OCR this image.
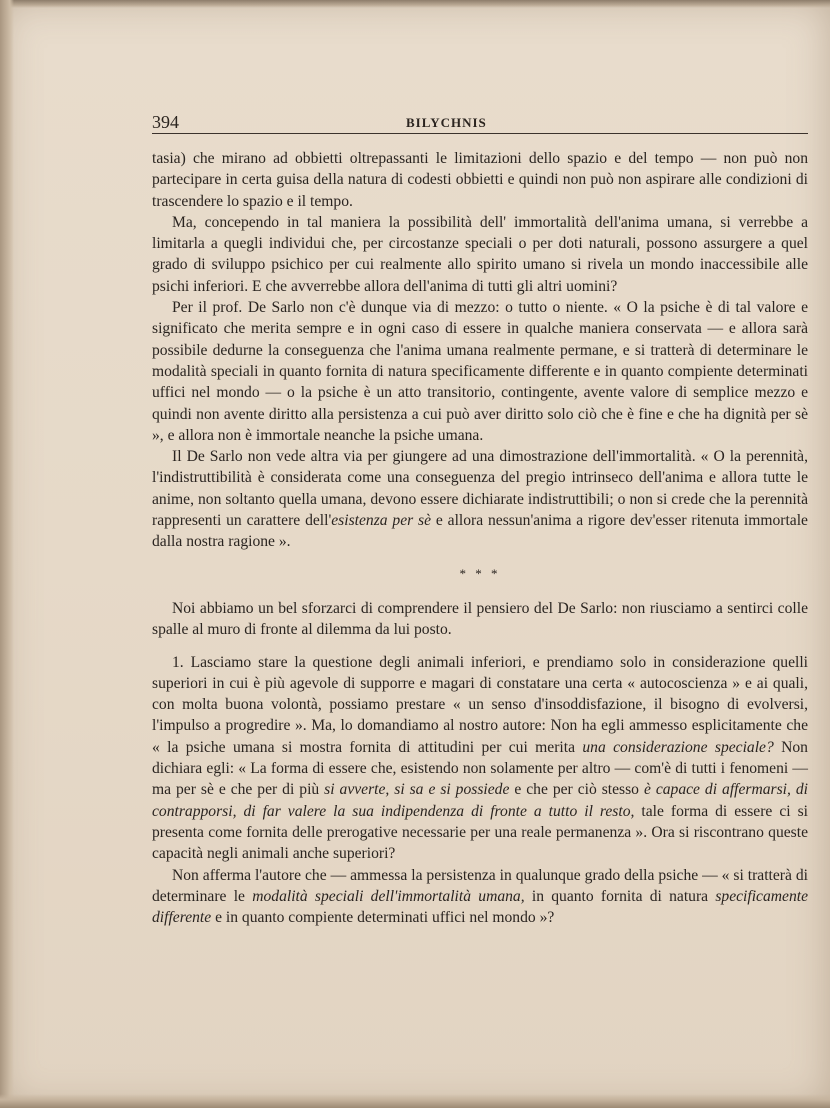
394	BILYCHNIS

tasia) che mirano ad obbietti oltrepassanti le limitazioni dello spazio e del tempo — non può non partecipare in certa guisa della natura di codesti obbietti e quindi non può non aspirare alle condizioni di trascendere lo spazio e il tempo.

Ma, concependo in tal maniera la possibilità dell' immortalità dell'anima umana, si verrebbe a limitarla a quegli individui che, per circostanze speciali o per doti naturali, possono assurgere a quel grado di sviluppo psichico per cui realmente allo spirito umano si rivela un mondo inaccessibile alle psichi inferiori. E che avverrebbe allora dell'anima di tutti gli altri uomini?

Per il prof. De Sarlo non c'è dunque via di mezzo: o tutto o niente. « O la psiche è di tal valore e significato che merita sempre e in ogni caso di essere in qualche maniera conservata — e allora sarà possibile dedurne la conseguenza che l'anima umana realmente permane, e si tratterà di determinare le modalità speciali in quanto fornita di natura specificamente differente e in quanto compiente determinati uffici nel mondo — o la psiche è un atto transitorio, contingente, avente valore di semplice mezzo e quindi non avente diritto alla persistenza a cui può aver diritto solo ciò che è fine e che ha dignità per sè », e allora non è immortale neanche la psiche umana.

Il De Sarlo non vede altra via per giungere ad una dimostrazione dell'immortalità. « O la perennità, l'indistruttibilità è considerata come una conseguenza del pregio intrinseco dell'anima e allora tutte le anime, non soltanto quella umana, devono essere dichiarate indistruttibili; o non si crede che la perennità rappresenti un carattere dell'esistenza per sè e allora nessun'anima a rigore dev'esser ritenuta immortale dalla nostra ragione ».

* * *

Noi abbiamo un bel sforzarci di comprendere il pensiero del De Sarlo: non riusciamo a sentirci colle spalle al muro di fronte al dilemma da lui posto.

1. Lasciamo stare la questione degli animali inferiori, e prendiamo solo in considerazione quelli superiori in cui è più agevole di supporre e magari di constatare una certa « autocoscienza » e ai quali, con molta buona volontà, possiamo prestare « un senso d'insoddisfazione, il bisogno di evolversi, l'impulso a progredire ». Ma, lo domandiamo al nostro autore: Non ha egli ammesso esplicitamente che « la psiche umana si mostra fornita di attitudini per cui merita una considerazione speciale? Non dichiara egli: « La forma di essere che, esistendo non solamente per altro — com'è di tutti i fenomeni — ma per sè e che per di più si avverte, si sa e si possiede e che per ciò stesso è capace di affermarsi, di contrapporsi, di far valere la sua indipendenza di fronte a tutto il resto, tale forma di essere ci si presenta come fornita delle prerogative necessarie per una reale permanenza ». Ora si riscontrano queste capacità negli animali anche superiori?

Non afferma l'autore che — ammessa la persistenza in qualunque grado della psiche — « si tratterà di determinare le modalità speciali dell'immortalità umana, in quanto fornita di natura specificamente differente e in quanto compiente determinati uffici nel mondo »?
